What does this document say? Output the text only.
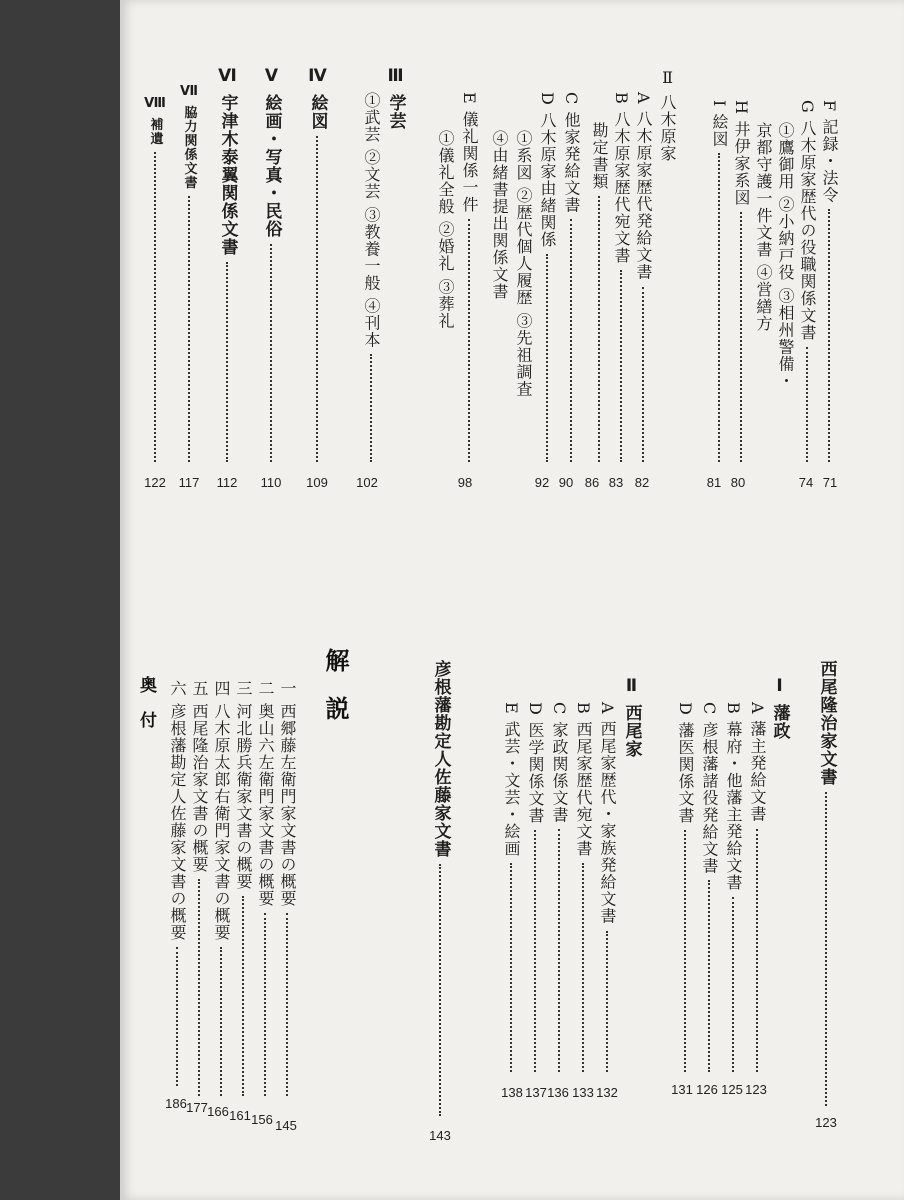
F 記録・法令
71
G 八木原家歴代の役職関係文書
74
①鷹御用 ②小納戸役 ③相州警備・
京都守護一件文書 ④営繕方
H 井伊家系図
80
I 絵図
81
Ⅱ 八木原家
A 八木原家歴代発給文書
82
B 八木原家歴代宛文書
83
勘定書類
86
C 他家発給文書
90
D 八木原家由緒関係
92
①系図 ②歴代個人履歴 ③先祖調査
④由緒書提出関係文書
E 儀礼関係一件
98
①儀礼全般 ②婚礼 ③葬礼
Ⅲ 学芸
①武芸 ②文芸 ③教養一般 ④刊本
102
Ⅳ 絵図
109
Ⅴ 絵画・写真・民俗
110
Ⅵ 宇津木泰翼関係文書
112
Ⅶ 脇力関係文書
117
Ⅷ 補遺
122
西尾隆治家文書
123
Ⅰ 藩政
A 藩主発給文書
123
B 幕府・他藩主発給文書
125
C 彦根藩諸役発給文書
126
D 藩医関係文書
131
Ⅱ 西尾家
A 西尾家歴代・家族発給文書
132
B 西尾家歴代宛文書
133
C 家政関係文書
136
D 医学関係文書
137
E 武芸・文芸・絵画
138
彦根藩勘定人佐藤家文書
143
解説
一 西郷藤左衛門家文書の概要
145
二 奥山六左衛門家文書の概要
156
三 河北勝兵衛家文書の概要
161
四 八木原太郎右衛門家文書の概要
166
五 西尾隆治家文書の概要
177
六 彦根藩勘定人佐藤家文書の概要
186
奥付
